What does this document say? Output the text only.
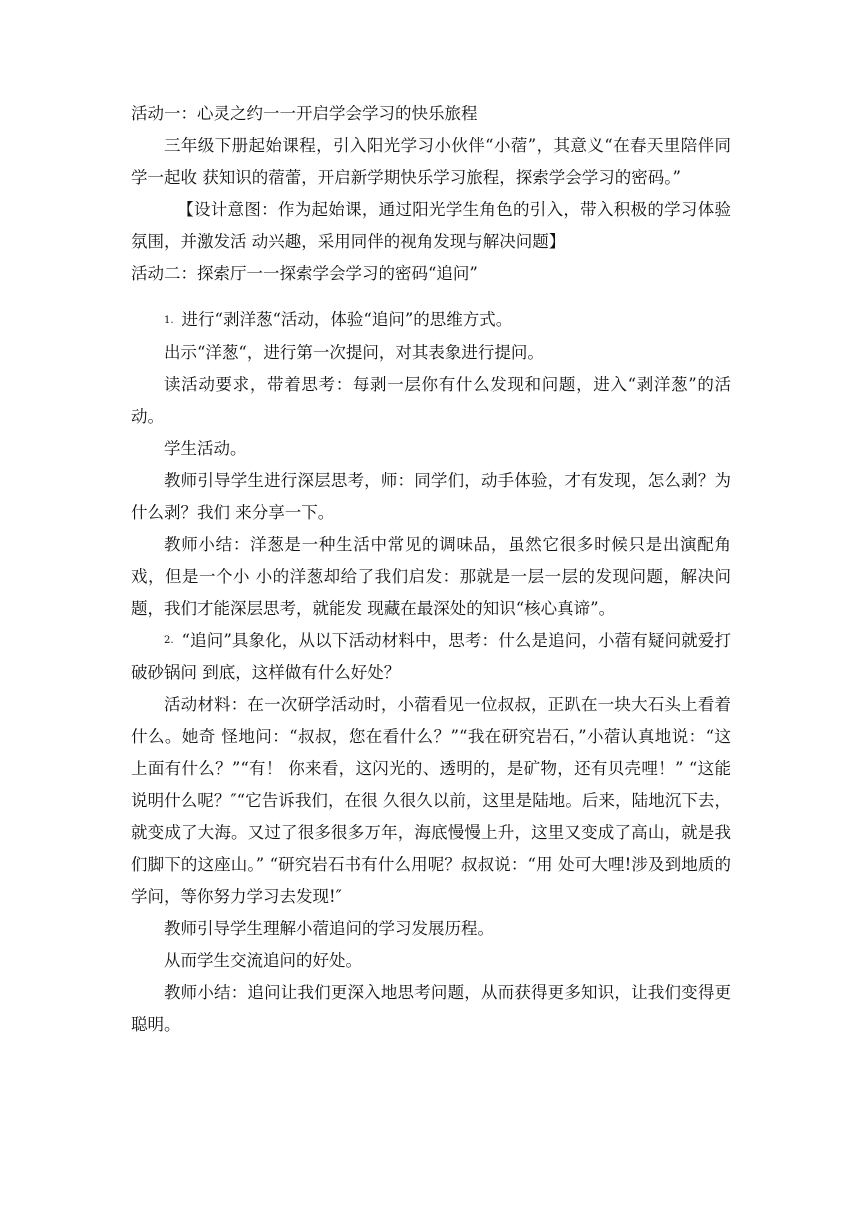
活动一：心灵之约一一开启学会学习的快乐旅程

三年级下册起始课程，引入阳光学习小伙伴“小蓿”，其意义“在春天里陪伴同学一起收 获知识的蓿蕾，开启新学期快乐学习旅程，探索学会学习的密码。”

【设计意图：作为起始课，通过阳光学生角色的引入，带入积极的学习体验氛围，并激发活 动兴趣，采用同伴的视角发现与解决问题】

活动二：探索厅一一探索学会学习的密码“追问”

1. 进行“剥洋葱“活动，体验“追问”的思维方式。

出示“洋葱“，进行第一次提问，对其表象进行提问。

读活动要求，带着思考：每剥一层你有什么发现和问题，进入“剥洋葱”的活动。

学生活动。

教师引导学生进行深层思考，师：同学们，动手体验，才有发现，怎么剥？为什么剥？我们 来分享一下。

教师小结：洋葱是一种生活中常见的调味品，虽然它很多时候只是出演配角戏，但是一个小 小的洋葱却给了我们启发：那就是一层一层的发现问题，解决问题，我们才能深层思考，就能发 现藏在最深处的知识“核心真谛”。

2. “追问”具象化，从以下活动材料中，思考：什么是追问，小蓿有疑问就爱打破砂锅问 到底，这样做有什么好处？

活动材料：在一次研学活动时，小蓿看见一位叔叔，正趴在一块大石头上看着什么。她奇 怪地问：“叔叔，您在看什么？”“我在研究岩石，”小蓿认真地说：“这上面有什么？”“有！ 你来看，这闪光的、透明的，是矿物，还有贝壳哩！” “这能说明什么呢？″“它告诉我们，在很 久很久以前，这里是陆地。后来，陆地沉下去，就变成了大海。又过了很多很多万年，海底慢慢上升，这里又变成了高山，就是我们脚下的这座山。” “研究岩石书有什么用呢？叔叔说：“用 处可大哩!涉及到地质的学问，等你努力学习去发现!″

教师引导学生理解小蓿追问的学习发展历程。

从而学生交流追问的好处。

教师小结：追问让我们更深入地思考问题，从而获得更多知识，让我们变得更聪明。
